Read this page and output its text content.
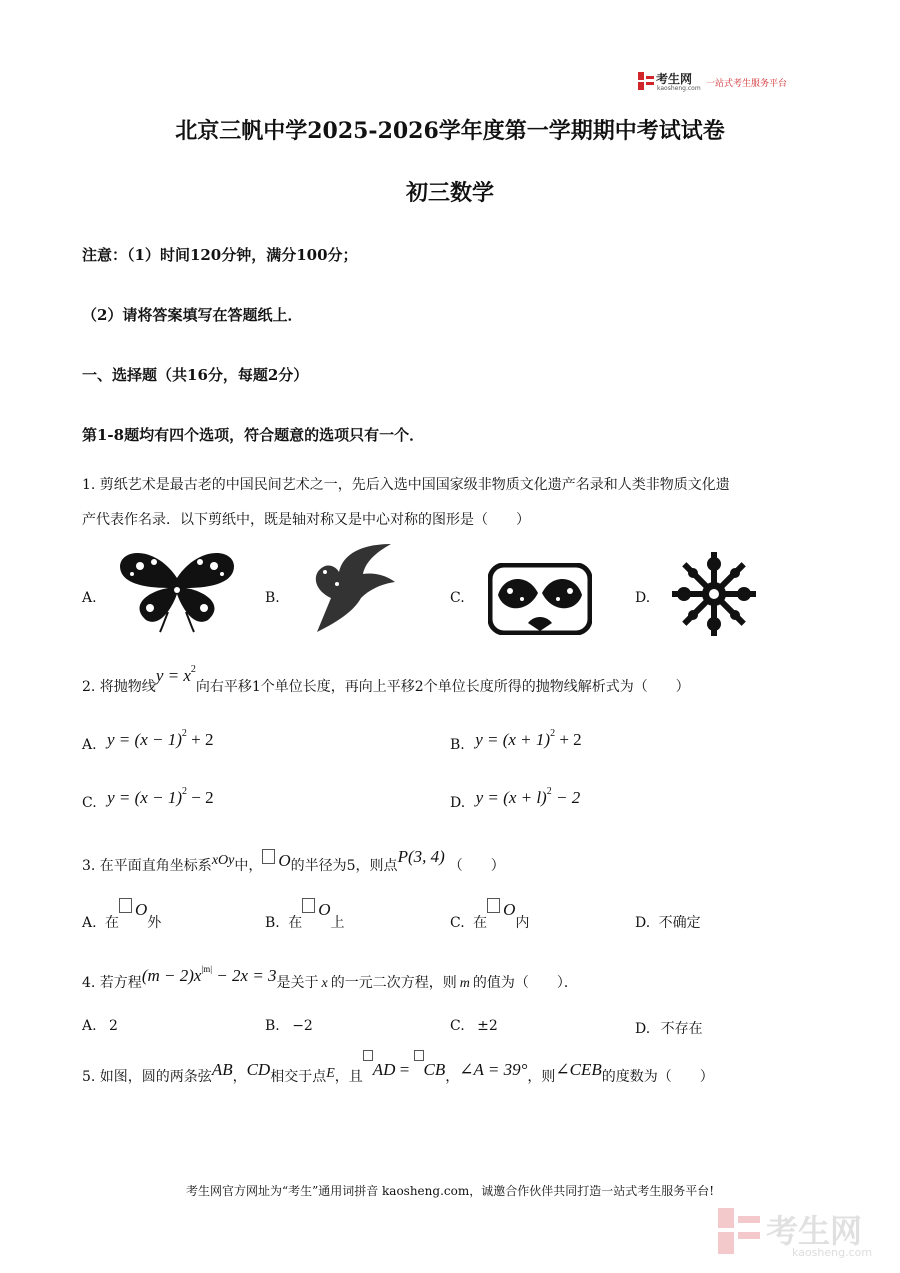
考生网
kaosheng.com 一站式考生服务平台
北京三帆中学2025-2026学年度第一学期期中考试试卷
初三数学
注意：（1）时间120分钟，满分100分；
（2）请将答案填写在答题纸上．
一、选择题（共16分，每题2分）
第1-8题均有四个选项，符合题意的选项只有一个．
1. 剪纸艺术是最古老的中国民间艺术之一，先后入选中国国家级非物质文化遗产名录和人类非物质文化遗
产代表作名录．以下剪纸中，既是轴对称又是中心对称的图形是（　　）
A.	B.	C.	D.
2. 将抛物线$y = x^2$向右平移1个单位长度，再向上平移2个单位长度所得的抛物线解析式为（　　）
A. $y = (x - 1)^2 + 2$	B. $y = (x + 1)^2 + 2$
C. $y = (x - 1)^2 - 2$	D. $y = (x + l)^2 - 2$
3. 在平面直角坐标系xOy中， O的半径为5，则点P(3, 4) （　　）
A. 在O外	B. 在O上	C. 在O内	D. 不确定
4. 若方程$(m - 2)x^{|m|} - 2x = 3$是关于 x 的一元二次方程，则 m 的值为（　　）．
A. 2	B. −2	C. ±2	D. 不存在
5. 如图，圆的两条弦AB，CD相交于点E，且 AD = CB，∠A = 39°，则∠CEB的度数为（　　）
考生网官方网址为“考生”通用词拼音 kaosheng.com，诚邀合作伙伴共同打造一站式考生服务平台!
考生网
kaosheng.com
